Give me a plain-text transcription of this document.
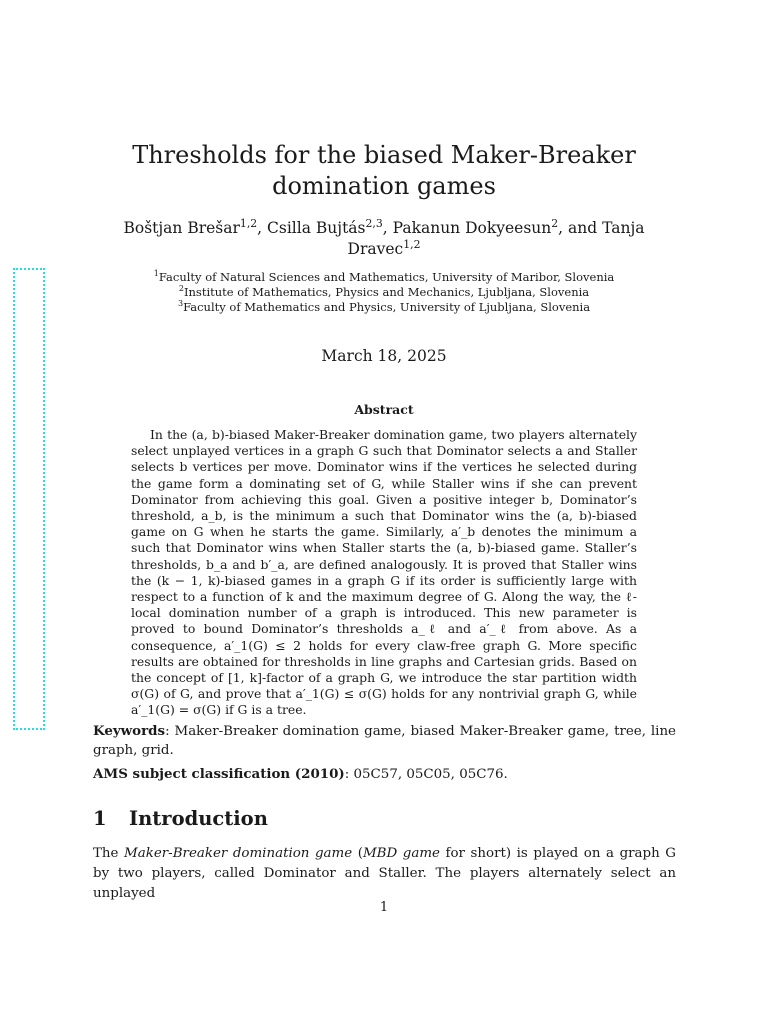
Thresholds for the biased Maker-Breaker domination games
Boštjan Brešar$^{1,2}$, Csilla Bujtás$^{2,3}$, Pakanun Dokyeesun$^2$, and Tanja Dravec$^{1,2}$
$^1$Faculty of Natural Sciences and Mathematics, University of Maribor, Slovenia
$^2$Institute of Mathematics, Physics and Mechanics, Ljubljana, Slovenia
$^3$Faculty of Mathematics and Physics, University of Ljubljana, Slovenia
March 18, 2025
Abstract

In the (a, b)-biased Maker-Breaker domination game, two players alternately select unplayed vertices in a graph G such that Dominator selects a and Staller selects b vertices per move. Dominator wins if the vertices he selected during the game form a dominating set of G, while Staller wins if she can prevent Dominator from achieving this goal. Given a positive integer b, Dominator’s threshold, a_b, is the minimum a such that Dominator wins the (a, b)-biased game on G when he starts the game. Similarly, a′_b denotes the minimum a such that Dominator wins when Staller starts the (a, b)-biased game. Staller’s thresholds, b_a and b′_a, are defined analogously. It is proved that Staller wins the (k − 1, k)-biased games in a graph G if its order is sufficiently large with respect to a function of k and the maximum degree of G. Along the way, the ℓ-local domination number of a graph is introduced. This new parameter is proved to bound Dominator’s thresholds a_ℓ and a′_ℓ from above. As a consequence, a′_1(G) ≤ 2 holds for every claw-free graph G. More specific results are obtained for thresholds in line graphs and Cartesian grids. Based on the concept of [1, k]-factor of a graph G, we introduce the star partition width σ(G) of G, and prove that a′_1(G) ≤ σ(G) holds for any nontrivial graph G, while a′_1(G) = σ(G) if G is a tree.

Keywords: Maker-Breaker domination game, biased Maker-Breaker game, tree, line graph, grid.

AMS subject classification (2010): 05C57, 05C05, 05C76.

1 Introduction

The Maker-Breaker domination game (MBD game for short) is played on a graph G by two players, called Dominator and Staller. The players alternately select an unplayed

1
